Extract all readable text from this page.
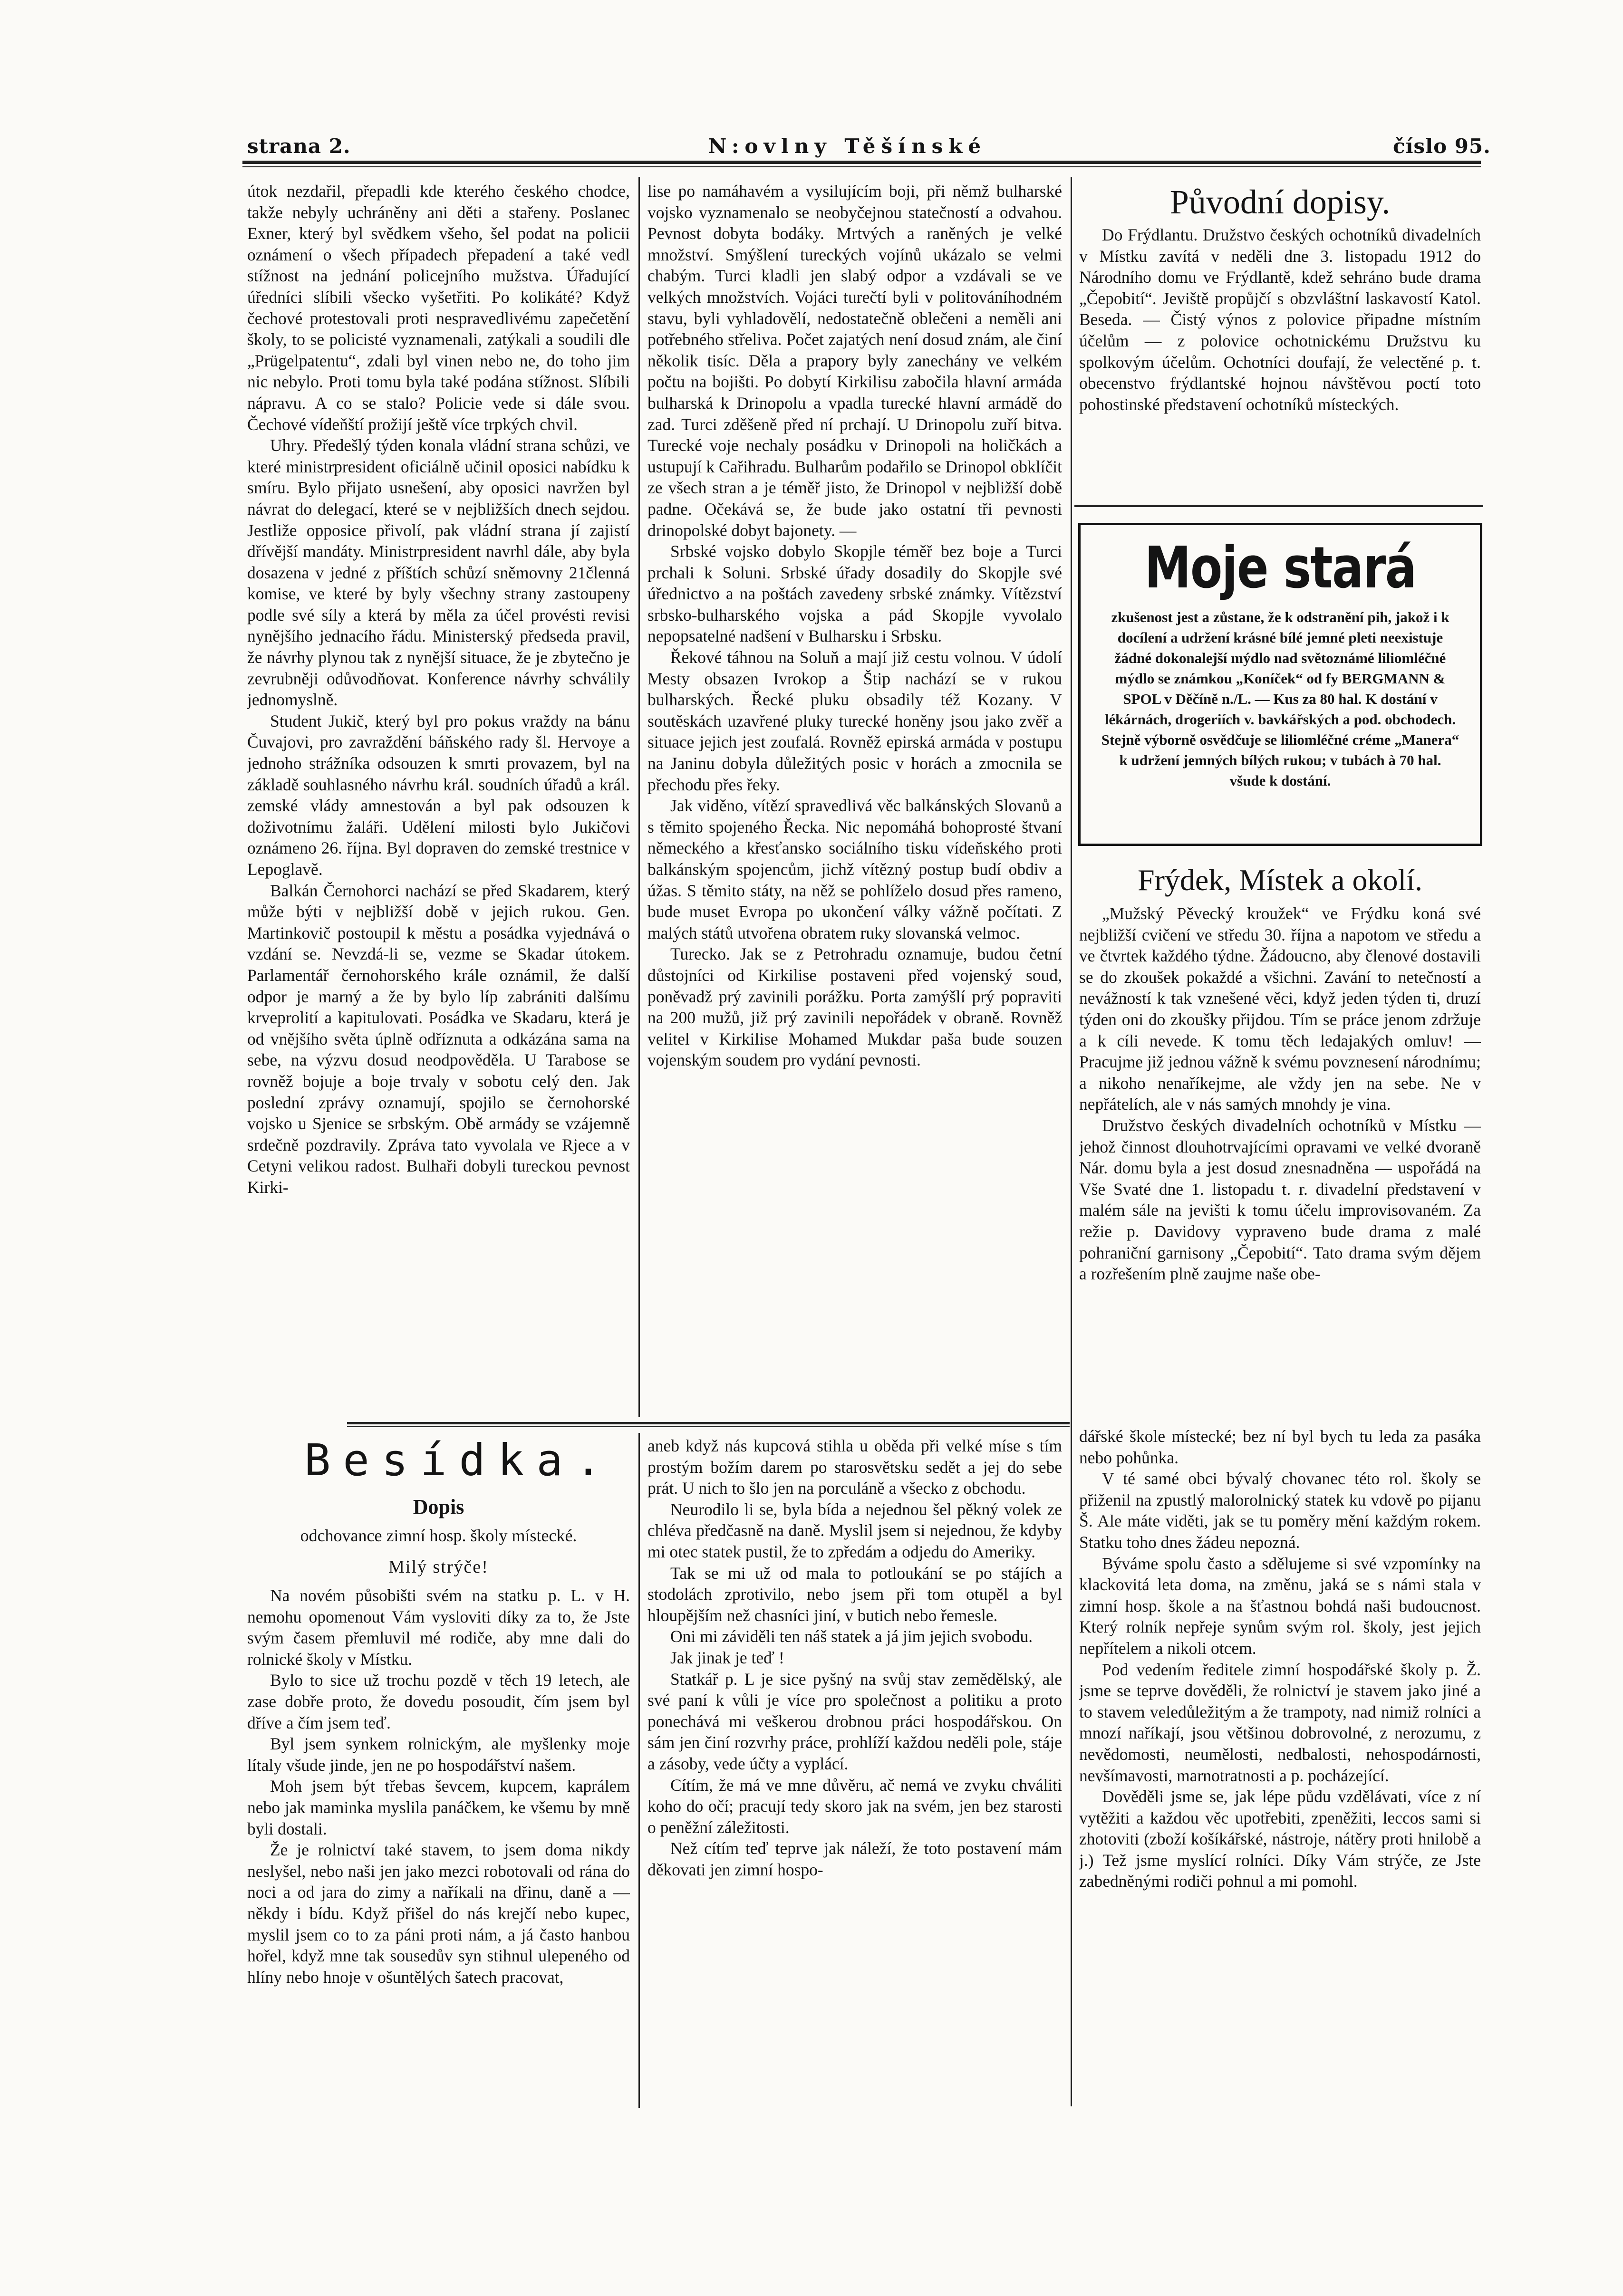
strana 2.	N:ovlny Těšínské	číslo 95.

útok nezdařil, přepadli kde kterého českého chodce, takže nebyly uchráněny ani děti a stařeny. Poslanec Exner, který byl svědkem všeho, šel podat na policii oznámení o všech případech přepadení a také vedl stížnost na jednání policejního mužstva. Úřadující úředníci slíbili všecko vyšetřiti. Po kolikáté? Když čechové protestovali proti nespravedlivému zapečetění školy, to se policisté vyznamenali, zatýkali a soudili dle „Prügelpatentu“, zdali byl vinen nebo ne, do toho jim nic nebylo. Proti tomu byla také podána stížnost. Slíbili nápravu. A co se stalo? Policie vede si dále svou. Čechové vídeňští prožijí ještě více trpkých chvil.

Uhry. Předešlý týden konala vládní strana schůzi, ve které ministrpresident oficiálně učinil oposici nabídku k smíru. Bylo přijato usnešení, aby oposici navržen byl návrat do delegací, které se v nejbližších dnech sejdou. Jestliže opposice přivolí, pak vládní strana jí zajistí dřívější mandáty. Ministrpresident navrhl dále, aby byla dosazena v jedné z příštích schůzí sněmovny 21členná komise, ve které by byly všechny strany zastoupeny podle své síly a která by měla za účel provésti revisi nynějšího jednacího řádu. Ministerský předseda pravil, že návrhy plynou tak z nynější situace, že je zbytečno je zevrubněji odůvodňovat. Konference návrhy schválily jednomyslně.

Student Jukič, který byl pro pokus vraždy na bánu Čuvajovi, pro zavraždění báňského rady šl. Hervoye a jednoho strážníka odsouzen k smrti provazem, byl na základě souhlasného návrhu král. soudních úřadů a král. zemské vlády amnestován a byl pak odsouzen k doživotnímu žaláři. Udělení milosti bylo Jukičovi oznámeno 26. října. Byl dopraven do zemské trestnice v Lepoglavě.

Balkán Černohorci nachází se před Skadarem, který může býti v nejbližší době v jejich rukou. Gen. Martinkovič postoupil k městu a posádka vyjednává o vzdání se. Nevzdá-li se, vezme se Skadar útokem. Parlamentář černohorského krále oznámil, že další odpor je marný a že by bylo líp zabrániti dalšímu krveprolití a kapitulovati. Posádka ve Skadaru, která je od vnějšího světa úplně odříznuta a odkázána sama na sebe, na výzvu dosud neodpověděla. U Tarabose se rovněž bojuje a boje trvaly v sobotu celý den. Jak poslední zprávy oznamují, spojilo se černohorské vojsko u Sjenice se srbským. Obě armády se vzájemně srdečně pozdravily. Zpráva tato vyvolala ve Rjece a v Cetyni velikou radost. Bulhaři dobyli tureckou pevnost Kirki-

lise po namáhavém a vysilujícím boji, při němž bulharské vojsko vyznamenalo se neobyčejnou statečností a odvahou. Pevnost dobyta bodáky. Mrtvých a raněných je velké množství. Smýšlení tureckých vojínů ukázalo se velmi chabým. Turci kladli jen slabý odpor a vzdávali se ve velkých množstvích. Vojáci turečtí byli v politováníhodném stavu, byli vyhladovělí, nedostatečně oblečeni a neměli ani potřebného střeliva. Počet zajatých není dosud znám, ale činí několik tisíc. Děla a prapory byly zanechány ve velkém počtu na bojišti. Po dobytí Kirkilisu zabočila hlavní armáda bulharská k Drinopolu a vpadla turecké hlavní armádě do zad. Turci zděšeně před ní prchají. U Drinopolu zuří bitva. Turecké voje nechaly posádku v Drinopoli na holičkách a ustupují k Cařihradu. Bulharům podařilo se Drinopol obklíčit ze všech stran a je téměř jisto, že Drinopol v nejbližší době padne. Očekává se, že bude jako ostatní tři pevnosti drinopolské dobyt bajonety. —

Srbské vojsko dobylo Skopjle téměř bez boje a Turci prchali k Soluni. Srbské úřady dosadily do Skopjle své úřednictvo a na poštách zavedeny srbské známky. Vítězství srbsko-bulharského vojska a pád Skopjle vyvolalo nepopsatelné nadšení v Bulharsku i Srbsku.

Řekové táhnou na Soluň a mají již cestu volnou. V údolí Mesty obsazen Ivrokop a Štip nachází se v rukou bulharských. Řecké pluku obsadily též Kozany. V soutěskách uzavřené pluky turecké honěny jsou jako zvěř a situace jejich jest zoufalá. Rovněž epirská armáda v postupu na Janinu dobyla důležitých posic v horách a zmocnila se přechodu přes řeky.

Jak viděno, vítězí spravedlivá věc balkánských Slovanů a s těmito spojeného Řecka. Nic nepomáhá bohoprosté štvaní německého a křesťansko sociálního tisku vídeňského proti balkánským spojencům, jichž vítězný postup budí obdiv a úžas. S těmito státy, na něž se pohlíželo dosud přes rameno, bude muset Evropa po ukončení války vážně počítati. Z malých států utvořena obratem ruky slovanská velmoc.

Turecko. Jak se z Petrohradu oznamuje, budou četní důstojníci od Kirkilise postaveni před vojenský soud, poněvadž prý zavinili porážku. Porta zamýšlí prý popraviti na 200 mužů, již prý zavinili nepořádek v obraně. Rovněž velitel v Kirkilise Mohamed Mukdar paša bude souzen vojenským soudem pro vydání pevnosti.

Původní dopisy.

Do Frýdlantu. Družstvo českých ochotníků divadelních v Místku zavítá v neděli dne 3. listopadu 1912 do Národního domu ve Frýdlantě, kdež sehráno bude drama „Čepobití“. Jeviště propůjčí s obzvláštní laskavostí Katol. Beseda. — Čistý výnos z polovice připadne místním účelům — z polovice ochotnickému Družstvu ku spolkovým účelům. Ochotníci doufají, že velectěné p. t. obecenstvo frýdlantské hojnou návštěvou poctí toto pohostinské představení ochotníků místeckých.

Moje stará
zkušenost jest a zůstane, že k odstranění pih, jakož i k docílení a udržení krásné bílé jemné pleti neexistuje žádné dokonalejší mýdlo nad světoznámé liliomléčné mýdlo se známkou „Koníček“ od fy BERGMANN & SPOL v Děčíně n./L. — Kus za 80 hal. K dostání v lékárnách, drogeriích v. bavkářských a pod. obchodech. Stejně výborně osvědčuje se liliomléčné créme „Manera“ k udržení jemných bílých rukou; v tubách à 70 hal. všude k dostání.
Frýdek, Místek a okolí.

„Mužský Pěvecký kroužek“ ve Frýdku koná své nejbližší cvičení ve středu 30. října a napotom ve středu a ve čtvrtek každého týdne. Žádoucno, aby členové dostavili se do zkoušek pokaždé a všichni. Zavání to netečností a nevážností k tak vznešené věci, když jeden týden ti, druzí týden oni do zkoušky přijdou. Tím se práce jenom zdržuje a k cíli nevede. K tomu těch ledajakých omluv! — Pracujme již jednou vážně k svému povznesení národnímu; a nikoho nenaříkejme, ale vždy jen na sebe. Ne v nepřátelích, ale v nás samých mnohdy je vina.

Družstvo českých divadelních ochotníků v Místku — jehož činnost dlouhotrvajícími opravami ve velké dvoraně Nár. domu byla a jest dosud znesnadněna — uspořádá na Vše Svaté dne 1. listopadu t. r. divadelní představení v malém sále na jevišti k tomu účelu improvisovaném. Za režie p. Davidovy vypraveno bude drama z malé pohraniční garnisony „Čepobití“. Tato drama svým dějem a rozřešením plně zaujme naše obe-

Besídka.
Dopis
odchovance zimní hosp. školy místecké.
Milý strýče!

Na novém působišti svém na statku p. L. v H. nemohu opomenout Vám vysloviti díky za to, že Jste svým časem přemluvil mé rodiče, aby mne dali do rolnické školy v Místku.

Bylo to sice už trochu pozdě v těch 19 letech, ale zase dobře proto, že dovedu posoudit, čím jsem byl dříve a čím jsem teď.

Byl jsem synkem rolnickým, ale myšlenky moje lítaly všude jinde, jen ne po hospodářství našem.

Moh jsem být třebas ševcem, kupcem, kaprálem nebo jak maminka myslila panáčkem, ke všemu by mně byli dostali.

Že je rolnictví také stavem, to jsem doma nikdy neslyšel, nebo naši jen jako mezci robotovali od rána do noci a od jara do zimy a naříkali na dřinu, daně a — někdy i bídu. Když přišel do nás krejčí nebo kupec, myslil jsem co to za páni proti nám, a já často hanbou hořel, když mne tak sousedův syn stihnul ulepeného od hlíny nebo hnoje v ošuntělých šatech pracovat,

aneb když nás kupcová stihla u oběda při velké míse s tím prostým božím darem po starosvětsku sedět a jej do sebe prát. U nich to šlo jen na porculáně a všecko z obchodu.

Neurodilo li se, byla bída a nejednou šel pěkný volek ze chléva předčasně na daně. Myslil jsem si nejednou, že kdyby mi otec statek pustil, že to zpředám a odjedu do Ameriky.

Tak se mi už od mala to potloukání se po stájích a stodolách zprotivilo, nebo jsem při tom otupěl a byl hloupějším než chasníci jiní, v butich nebo řemesle.

Oni mi záviděli ten náš statek a já jim jejich svobodu.

Jak jinak je teď !

Statkář p. L je sice pyšný na svůj stav zemědělský, ale své paní k vůli je více pro společnost a politiku a proto ponechává mi veškerou drobnou práci hospodářskou. On sám jen činí rozvrhy práce, prohlíží každou neděli pole, stáje a zásoby, vede účty a vyplácí.

Cítím, že má ve mne důvěru, ač nemá ve zvyku chváliti koho do očí; pracují tedy skoro jak na svém, jen bez starosti o peněžní záležitosti.

Než cítím teď teprve jak náleží, že toto postavení mám děkovati jen zimní hospo-

dářské škole místecké; bez ní byl bych tu leda za pasáka nebo pohůnka.

V té samé obci bývalý chovanec této rol. školy se přiženil na zpustlý malorolnický statek ku vdově po pijanu Š. Ale máte viděti, jak se tu poměry mění každým rokem. Statku toho dnes žádeu nepozná.

Býváme spolu často a sdělujeme si své vzpomínky na klackovitá leta doma, na změnu, jaká se s námi stala v zimní hosp. škole a na šťastnou bohdá naši budoucnost. Který rolník nepřeje synům svým rol. školy, jest jejich nepřítelem a nikoli otcem.

Pod vedením ředitele zimní hospodářské školy p. Ž. jsme se teprve dověděli, že rolnictví je stavem jako jiné a to stavem veledůležitým a že trampoty, nad nimiž rolníci a mnozí naříkají, jsou většinou dobrovolné, z nerozumu, z nevědomosti, neumělosti, nedbalosti, nehospodárnosti, nevšímavosti, marnotratnosti a p. pocházející.

Dověděli jsme se, jak lépe půdu vzdělávati, více z ní vytěžiti a každou věc upotřebiti, zpeněžiti, leccos sami si zhotoviti (zboží košíkářské, nástroje, nátěry proti hnilobě a j.) Tež jsme myslící rolníci. Díky Vám strýče, ze Jste zabedněnými rodiči pohnul a mi pomohl.
